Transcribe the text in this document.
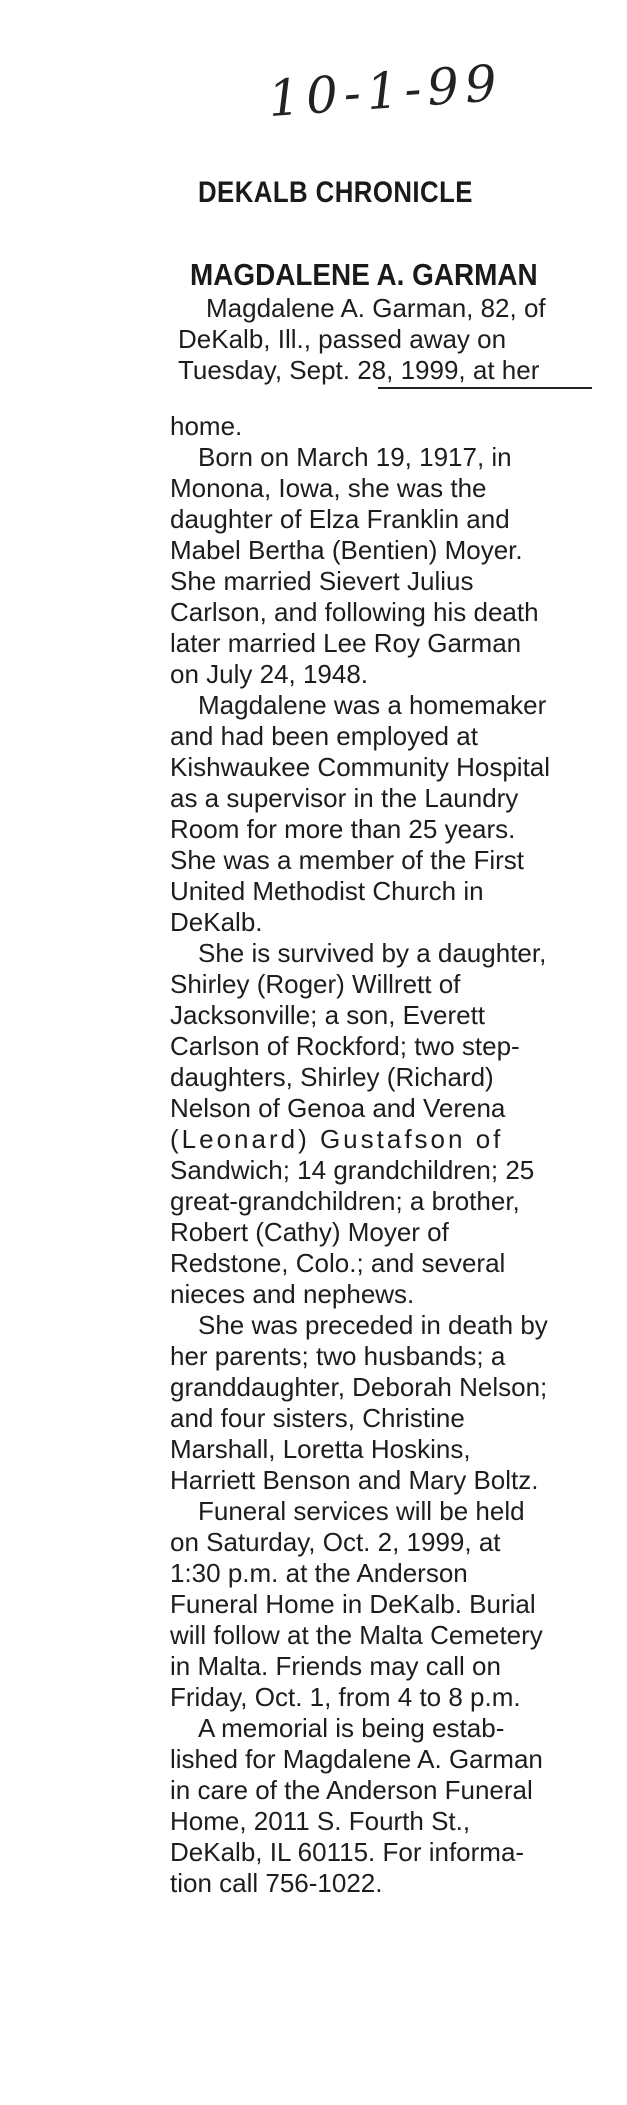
10-1-99
DEKALB CHRONICLE
MAGDALENE A. GARMAN
Magdalene A. Garman, 82, of
DeKalb, Ill., passed away on
Tuesday, Sept. 28, 1999, at her
home.
Born on March 19, 1917, in
Monona, Iowa, she was the
daughter of Elza Franklin and
Mabel Bertha (Bentien) Moyer.
She married Sievert Julius
Carlson, and following his death
later married Lee Roy Garman
on July 24, 1948.
Magdalene was a homemaker
and had been employed at
Kishwaukee Community Hospital
as a supervisor in the Laundry
Room for more than 25 years.
She was a member of the First
United Methodist Church in
DeKalb.
She is survived by a daughter,
Shirley (Roger) Willrett of
Jacksonville; a son, Everett
Carlson of Rockford; two step-
daughters, Shirley (Richard)
Nelson of Genoa and Verena
(Leonard) Gustafson of
Sandwich; 14 grandchildren; 25
great-grandchildren; a brother,
Robert (Cathy) Moyer of
Redstone, Colo.; and several
nieces and nephews.
She was preceded in death by
her parents; two husbands; a
granddaughter, Deborah Nelson;
and four sisters, Christine
Marshall, Loretta Hoskins,
Harriett Benson and Mary Boltz.
Funeral services will be held
on Saturday, Oct. 2, 1999, at
1:30 p.m. at the Anderson
Funeral Home in DeKalb. Burial
will follow at the Malta Cemetery
in Malta. Friends may call on
Friday, Oct. 1, from 4 to 8 p.m.
A memorial is being estab-
lished for Magdalene A. Garman
in care of the Anderson Funeral
Home, 2011 S. Fourth St.,
DeKalb, IL 60115. For informa-
tion call 756-1022.
